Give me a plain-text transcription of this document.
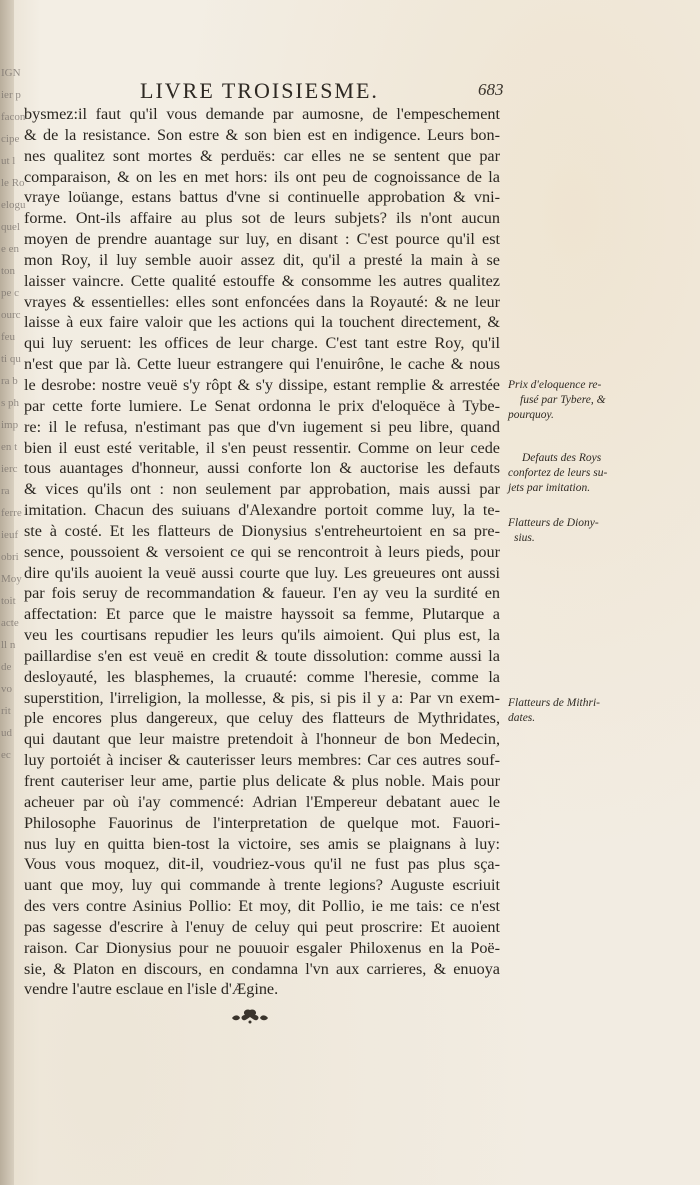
IGN
ier p
facon
cipe
ut l
le Ro
elogu
quel
e en
ton
pe c
ourc
feu
ti qu
ra b
s ph
imp
en t
ierc
ra
ferre
ieuf
obri
Moy
toit
acte
ll n
de
vo
rit
ud
ec
LIVRE TROISIESME.	683
bysmez:il faut qu'il vous demande par aumosne, de l'empeschement
& de la resistance. Son estre & son bien est en indigence. Leurs bon-
nes qualitez sont mortes & perduës: car elles ne se sentent que par
comparaison, & on les en met hors: ils ont peu de cognoissance de la
vraye loüange, estans battus d'vne si continuelle approbation & vni-
forme. Ont-ils affaire au plus sot de leurs subjets? ils n'ont aucun
moyen de prendre auantage sur luy, en disant : C'est pource qu'il est
mon Roy, il luy semble auoir assez dit, qu'il a presté la main à se
laisser vaincre. Cette qualité estouffe & consomme les autres qualitez
vrayes & essentielles: elles sont enfoncées dans la Royauté: & ne leur
laisse à eux faire valoir que les actions qui la touchent directement, &
qui luy seruent: les offices de leur charge. C'est tant estre Roy, qu'il
n'est que par là. Cette lueur estrangere qui l'enuirône, le cache & nous
le desrobe: nostre veuë s'y rôpt & s'y dissipe, estant remplie & arrestée
par cette forte lumiere. Le Senat ordonna le prix d'eloquëce à Tybe-
re: il le refusa, n'estimant pas que d'vn iugement si peu libre, quand
bien il eust esté veritable, il s'en peust ressentir. Comme on leur cede
tous auantages d'honneur, aussi conforte lon & auctorise les defauts
& vices qu'ils ont : non seulement par approbation, mais aussi par
imitation. Chacun des suiuans d'Alexandre portoit comme luy, la te-
ste à costé. Et les flatteurs de Dionysius s'entreheurtoient en sa pre-
sence, poussoient & versoient ce qui se rencontroit à leurs pieds, pour
dire qu'ils auoient la veuë aussi courte que luy. Les greueures ont aussi
par fois seruy de recommandation & faueur. I'en ay veu la surdité en
affectation: Et parce que le maistre hayssoit sa femme, Plutarque a
veu les courtisans repudier les leurs qu'ils aimoient. Qui plus est, la
paillardise s'en est veuë en credit & toute dissolution: comme aussi la
desloyauté, les blasphemes, la cruauté: comme l'heresie, comme la
superstition, l'irreligion, la mollesse, & pis, si pis il y a: Par vn exem-
ple encores plus dangereux, que celuy des flatteurs de Mythridates,
qui dautant que leur maistre pretendoit à l'honneur de bon Medecin,
luy portoiét à inciser & cauterisser leurs membres: Car ces autres souf-
frent cauteriser leur ame, partie plus delicate & plus noble. Mais pour
acheuer par où i'ay commencé: Adrian l'Empereur debatant auec le
Philosophe Fauorinus de l'interpretation de quelque mot. Fauori-
nus luy en quitta bien-tost la victoire, ses amis se plaignans à luy:
Vous vous moquez, dit-il, voudriez-vous qu'il ne fust pas plus sça-
uant que moy, luy qui commande à trente legions? Auguste escriuit
des vers contre Asinius Pollio: Et moy, dit Pollio, ie me tais: ce n'est
pas sagesse d'escrire à l'enuy de celuy qui peut proscrire: Et auoient
raison. Car Dionysius pour ne pouuoir esgaler Philoxenus en la Poë-
sie, & Platon en discours, en condamna l'vn aux carrieres, & enuoya
vendre l'autre esclaue en l'isle d'Ægine.
Prix d'eloquence re-
fusé par Tybere, &
pourquoy.
Defauts des Roys
confortez de leurs su-
jets par imitation.
Flatteurs de Diony-
sius.
Flatteurs de Mithri-
dates.
